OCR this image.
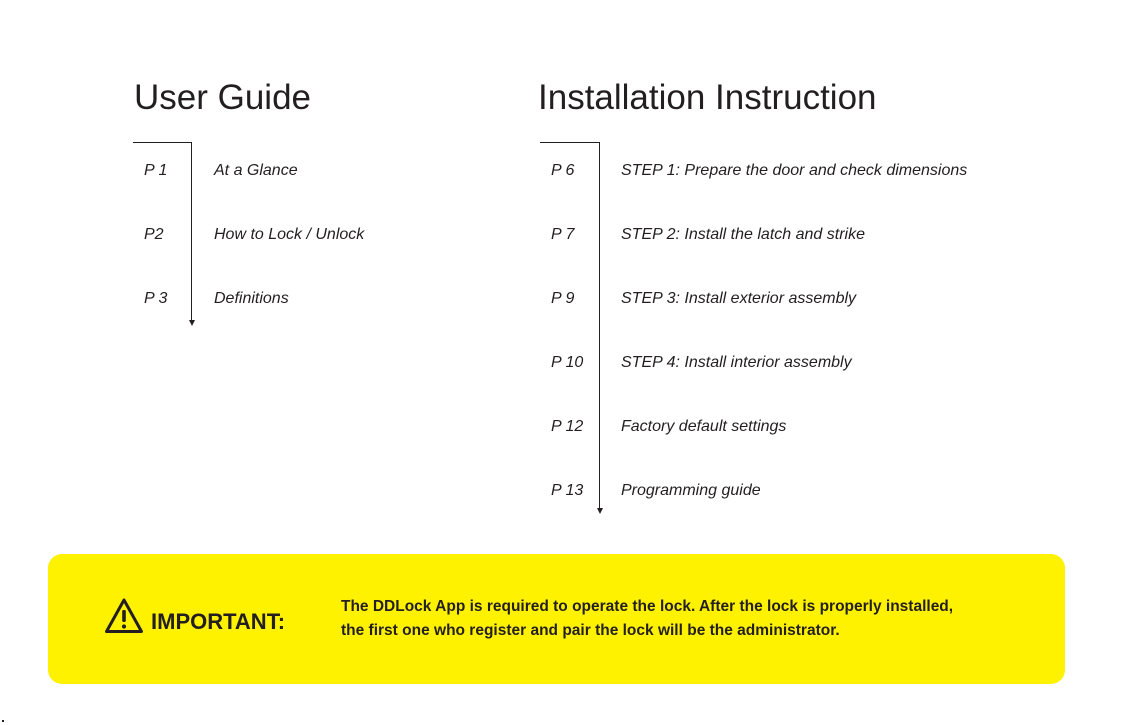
User Guide
P 1	At a Glance
P2	How to Lock / Unlock
P 3	Definitions
Installation Instruction
P 6	STEP 1: Prepare the door and check dimensions
P 7	STEP 2: Install the latch and strike
P 9	STEP 3: Install exterior assembly
P 10 STEP 4: Install interior assembly
P 12 Factory default settings
P 13 Programming guide
IMPORTANT:
The DDLock App is required to operate the lock. After the lock is properly installed,
the first one who register and pair the lock will be the administrator.
